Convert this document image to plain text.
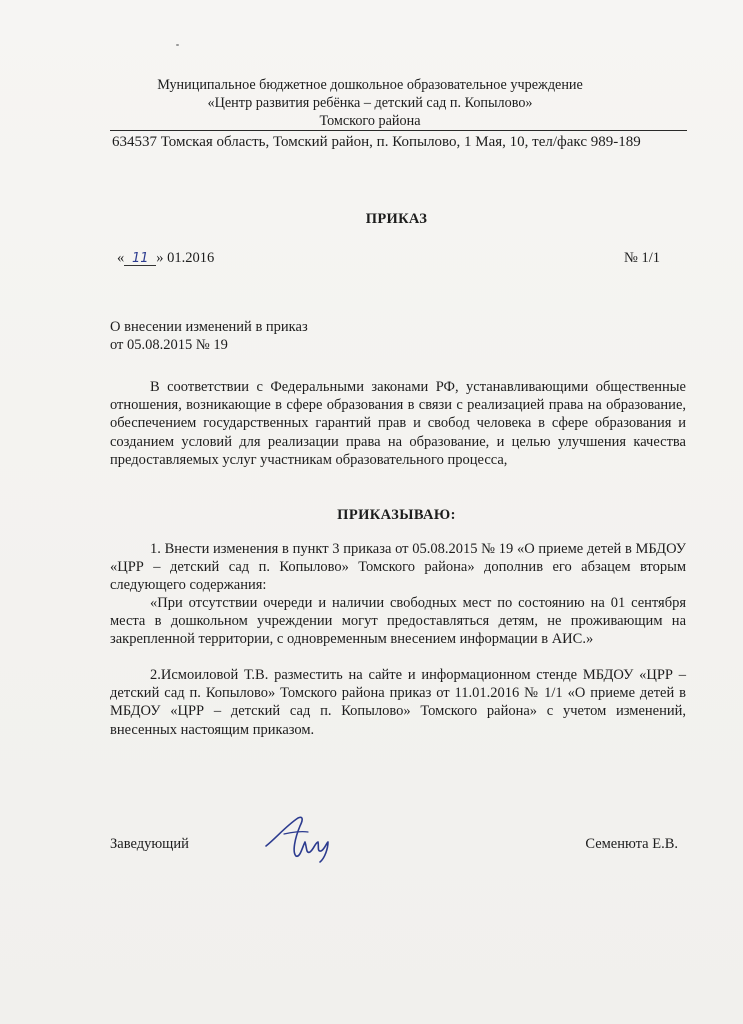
Муниципальное бюджетное дошкольное образовательное учреждение
«Центр развития ребёнка – детский сад п. Копылово»
Томского района
634537 Томская область, Томский район, п. Копылово, 1 Мая, 10, тел/факс 989-189
ПРИКАЗ
« 11 » 01.2016	№ 1/1
О внесении изменений в приказ
от 05.08.2015 № 19
В соответствии с Федеральными законами РФ, устанавливающими общественные отношения, возникающие в сфере образования в связи с реализацией права на образование, обеспечением государственных гарантий прав и свобод человека в сфере образования и созданием условий для реализации права на образование, и целью улучшения качества предоставляемых услуг участникам образовательного процесса,
ПРИКАЗЫВАЮ:
1. Внести изменения в пункт 3 приказа от 05.08.2015 № 19 «О приеме детей в МБДОУ «ЦРР – детский сад п. Копылово» Томского района» дополнив его абзацем вторым следующего содержания:
«При отсутствии очереди и наличии свободных мест по состоянию на 01 сентября места в дошкольном учреждении могут предоставляться детям, не проживающим на закрепленной территории, с одновременным внесением информации в АИС.»
2.Исмоиловой Т.В. разместить на сайте и информационном стенде МБДОУ «ЦРР – детский сад п. Копылово» Томского района приказ от 11.01.2016 № 1/1 «О приеме детей в МБДОУ «ЦРР – детский сад п. Копылово» Томского района» с учетом изменений, внесенных настоящим приказом.
Заведующий	Семенюта Е.В.
